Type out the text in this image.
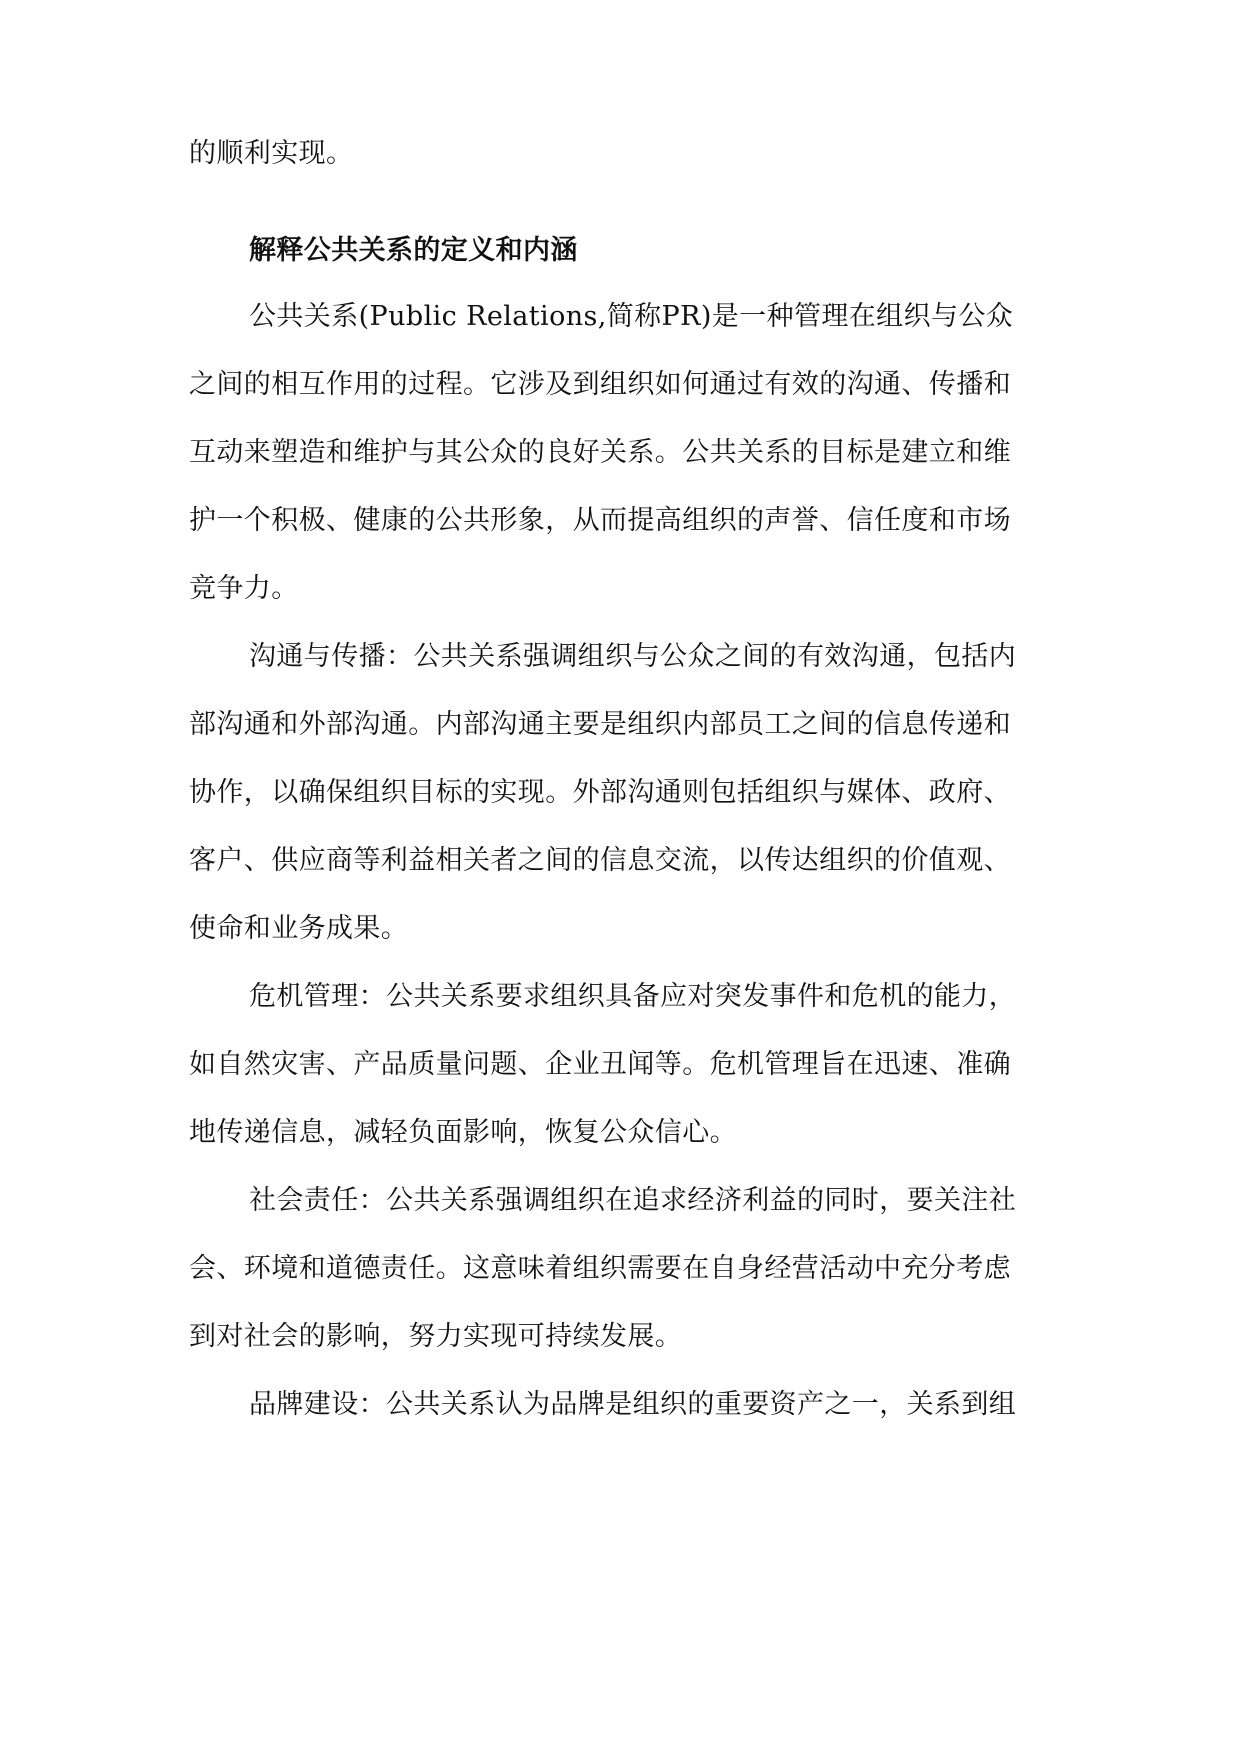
的顺利实现。
解释公共关系的定义和内涵
公共关系(Public Relations,简称PR)是一种管理在组织与公众
之间的相互作用的过程。它涉及到组织如何通过有效的沟通、传播和
互动来塑造和维护与其公众的良好关系。公共关系的目标是建立和维
护一个积极、健康的公共形象，从而提高组织的声誉、信任度和市场
竞争力。
沟通与传播：公共关系强调组织与公众之间的有效沟通，包括内
部沟通和外部沟通。内部沟通主要是组织内部员工之间的信息传递和
协作，以确保组织目标的实现。外部沟通则包括组织与媒体、政府、
客户、供应商等利益相关者之间的信息交流，以传达组织的价值观、
使命和业务成果。
危机管理：公共关系要求组织具备应对突发事件和危机的能力，
如自然灾害、产品质量问题、企业丑闻等。危机管理旨在迅速、准确
地传递信息，减轻负面影响，恢复公众信心。
社会责任：公共关系强调组织在追求经济利益的同时，要关注社
会、环境和道德责任。这意味着组织需要在自身经营活动中充分考虑
到对社会的影响，努力实现可持续发展。
品牌建设：公共关系认为品牌是组织的重要资产之一，关系到组
